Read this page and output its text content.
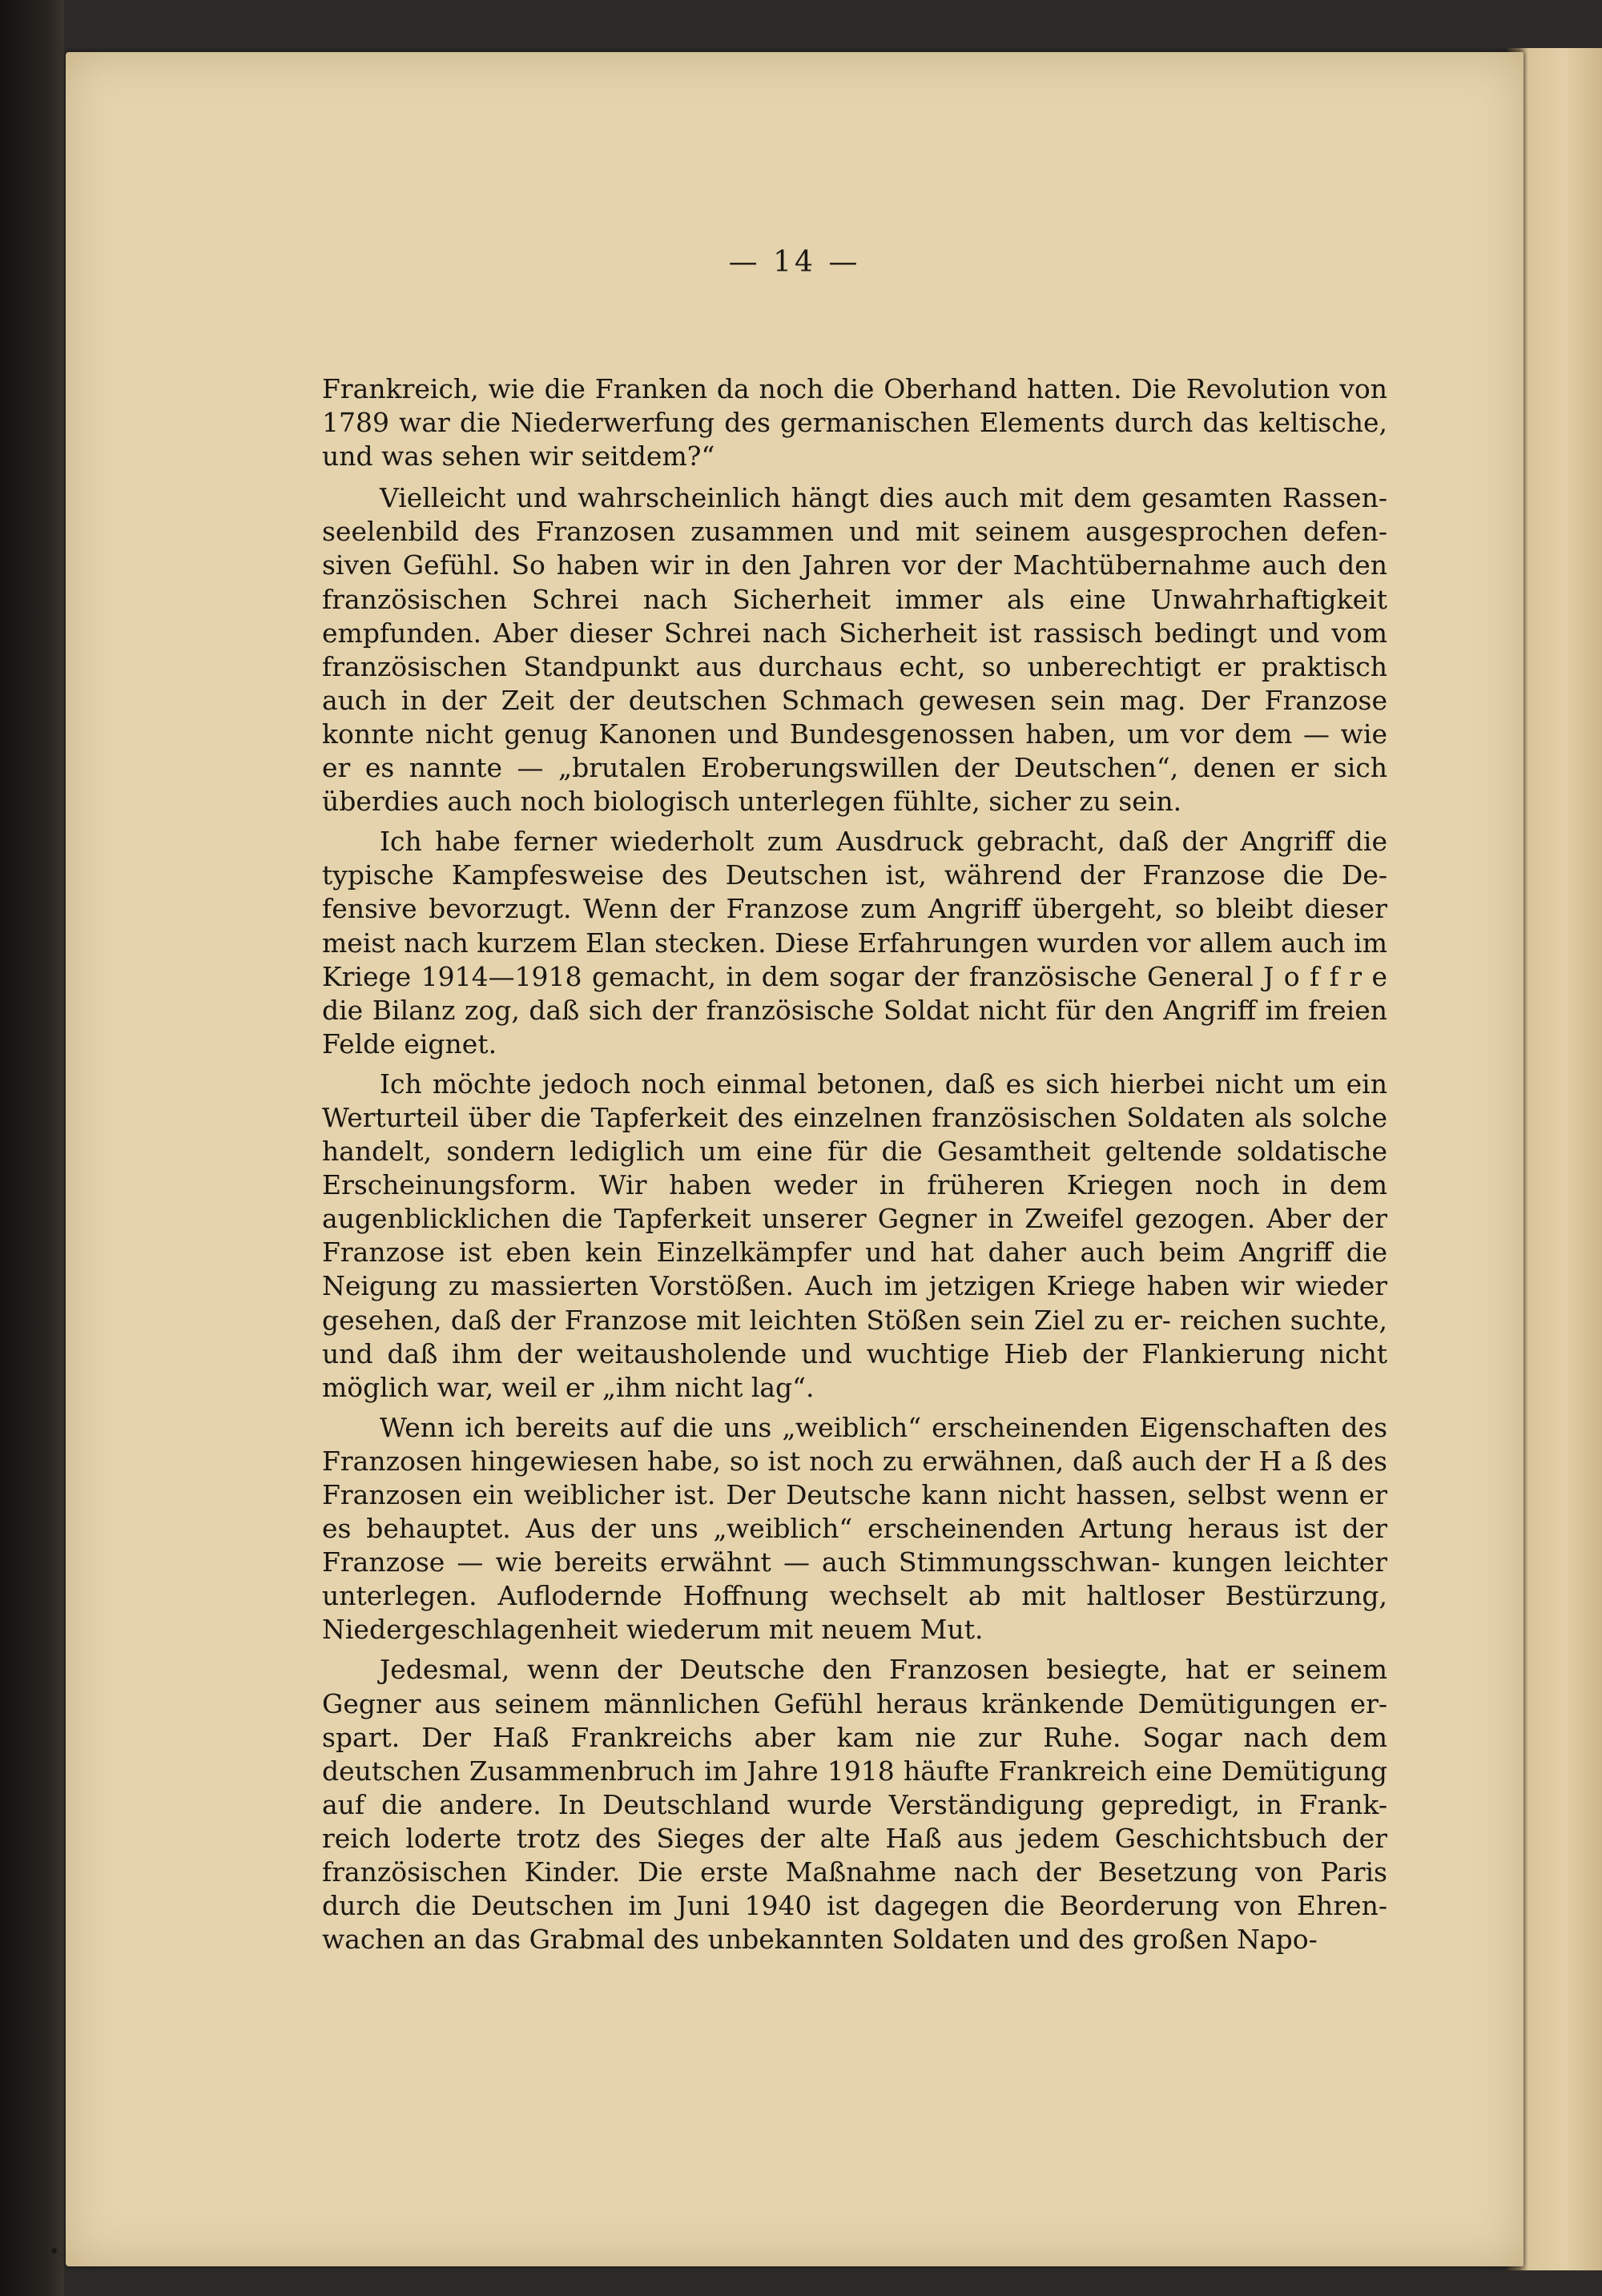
— 14 —

Frankreich, wie die Franken da noch die Oberhand hatten. Die Revolution von 1789 war die Niederwerfung des germanischen Elements durch das keltische, und was sehen wir seitdem?“

Vielleicht und wahrscheinlich hängt dies auch mit dem gesamten Rassen- seelenbild des Franzosen zusammen und mit seinem ausgesprochen defen- siven Gefühl. So haben wir in den Jahren vor der Machtübernahme auch den französischen Schrei nach Sicherheit immer als eine Unwahrhaftigkeit empfunden. Aber dieser Schrei nach Sicherheit ist rassisch bedingt und vom französischen Standpunkt aus durchaus echt, so unberechtigt er praktisch auch in der Zeit der deutschen Schmach gewesen sein mag. Der Franzose konnte nicht genug Kanonen und Bundesgenossen haben, um vor dem — wie er es nannte — „brutalen Eroberungswillen der Deutschen“, denen er sich überdies auch noch biologisch unterlegen fühlte, sicher zu sein.

Ich habe ferner wiederholt zum Ausdruck gebracht, daß der Angriff die typische Kampfesweise des Deutschen ist, während der Franzose die De- fensive bevorzugt. Wenn der Franzose zum Angriff übergeht, so bleibt dieser meist nach kurzem Elan stecken. Diese Erfahrungen wurden vor allem auch im Kriege 1914—1918 gemacht, in dem sogar der französische General J o f f r e die Bilanz zog, daß sich der französische Soldat nicht für den Angriff im freien Felde eignet.

Ich möchte jedoch noch einmal betonen, daß es sich hierbei nicht um ein Werturteil über die Tapferkeit des einzelnen französischen Soldaten als solche handelt, sondern lediglich um eine für die Gesamtheit geltende soldatische Erscheinungsform. Wir haben weder in früheren Kriegen noch in dem augenblicklichen die Tapferkeit unserer Gegner in Zweifel gezogen. Aber der Franzose ist eben kein Einzelkämpfer und hat daher auch beim Angriff die Neigung zu massierten Vorstößen. Auch im jetzigen Kriege haben wir wieder gesehen, daß der Franzose mit leichten Stößen sein Ziel zu er- reichen suchte, und daß ihm der weitausholende und wuchtige Hieb der Flankierung nicht möglich war, weil er „ihm nicht lag“.

Wenn ich bereits auf die uns „weiblich“ erscheinenden Eigenschaften des Franzosen hingewiesen habe, so ist noch zu erwähnen, daß auch der H a ß des Franzosen ein weiblicher ist. Der Deutsche kann nicht hassen, selbst wenn er es behauptet. Aus der uns „weiblich“ erscheinenden Artung heraus ist der Franzose — wie bereits erwähnt — auch Stimmungsschwan- kungen leichter unterlegen. Auflodernde Hoffnung wechselt ab mit haltloser Bestürzung, Niedergeschlagenheit wiederum mit neuem Mut.

Jedesmal, wenn der Deutsche den Franzosen besiegte, hat er seinem Gegner aus seinem männlichen Gefühl heraus kränkende Demütigungen er- spart. Der Haß Frankreichs aber kam nie zur Ruhe. Sogar nach dem deutschen Zusammenbruch im Jahre 1918 häufte Frankreich eine Demütigung auf die andere. In Deutschland wurde Verständigung gepredigt, in Frank- reich loderte trotz des Sieges der alte Haß aus jedem Geschichtsbuch der französischen Kinder. Die erste Maßnahme nach der Besetzung von Paris durch die Deutschen im Juni 1940 ist dagegen die Beorderung von Ehren- wachen an das Grabmal des unbekannten Soldaten und des großen Napo-
